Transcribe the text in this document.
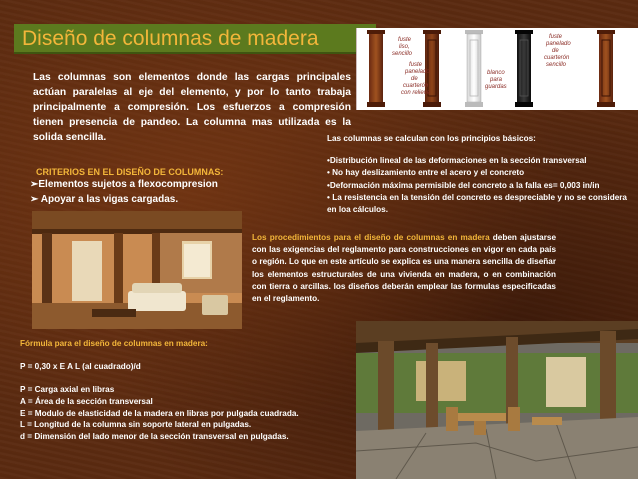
Diseño de columnas de madera

Las columnas son elementos donde las cargas principales actúan paralelas al eje del elemento, y por lo tanto trabaja principalmente a compresión. Los esfuerzos a compresión tienen presencia de pandeo. La columna mas utilizada es la solida sencilla.

fuste
liso,
sencillo
fuste
panelado
de
cuarterón
con relieve
blanco
para
guardas
fuste
panelado
de
cuarterón
sencillo

Las columnas se calculan con los principios básicos:

•Distribución lineal de las deformaciones en la sección transversal
• No hay deslizamiento entre el acero y el concreto
•Deformación máxima permisible del concreto a la falla es= 0,003 in/in
• La resistencia en la tensión del concreto es despreciable y no se considera en loa cálculos.

CRITERIOS EN EL DISEÑO DE COLUMNAS:

➢Elementos sujetos a flexocompresion
➢ Apoyar a las vigas cargadas.

Los procedimientos para el diseño de columnas en madera deben ajustarse con las exigencias del reglamento para construcciones en vigor en cada país o región. Lo que en este artículo se explica es una manera sencilla de diseñar los elementos estructurales de una vivienda en madera, o en combinación con tierra o arcillas. los diseños deberán emplear las formulas especificadas en el reglamento.

Fórmula para el diseño de columnas en madera:

P = 0,30 x E A L (al cuadrado)/d

P = Carga axial en libras

A = Área de la sección transversal

E = Modulo de elasticidad de la madera en libras por pulgada cuadrada.

L = Longitud de la columna sin soporte lateral en pulgadas.

d = Dimensión del lado menor de la sección transversal en pulgadas.
